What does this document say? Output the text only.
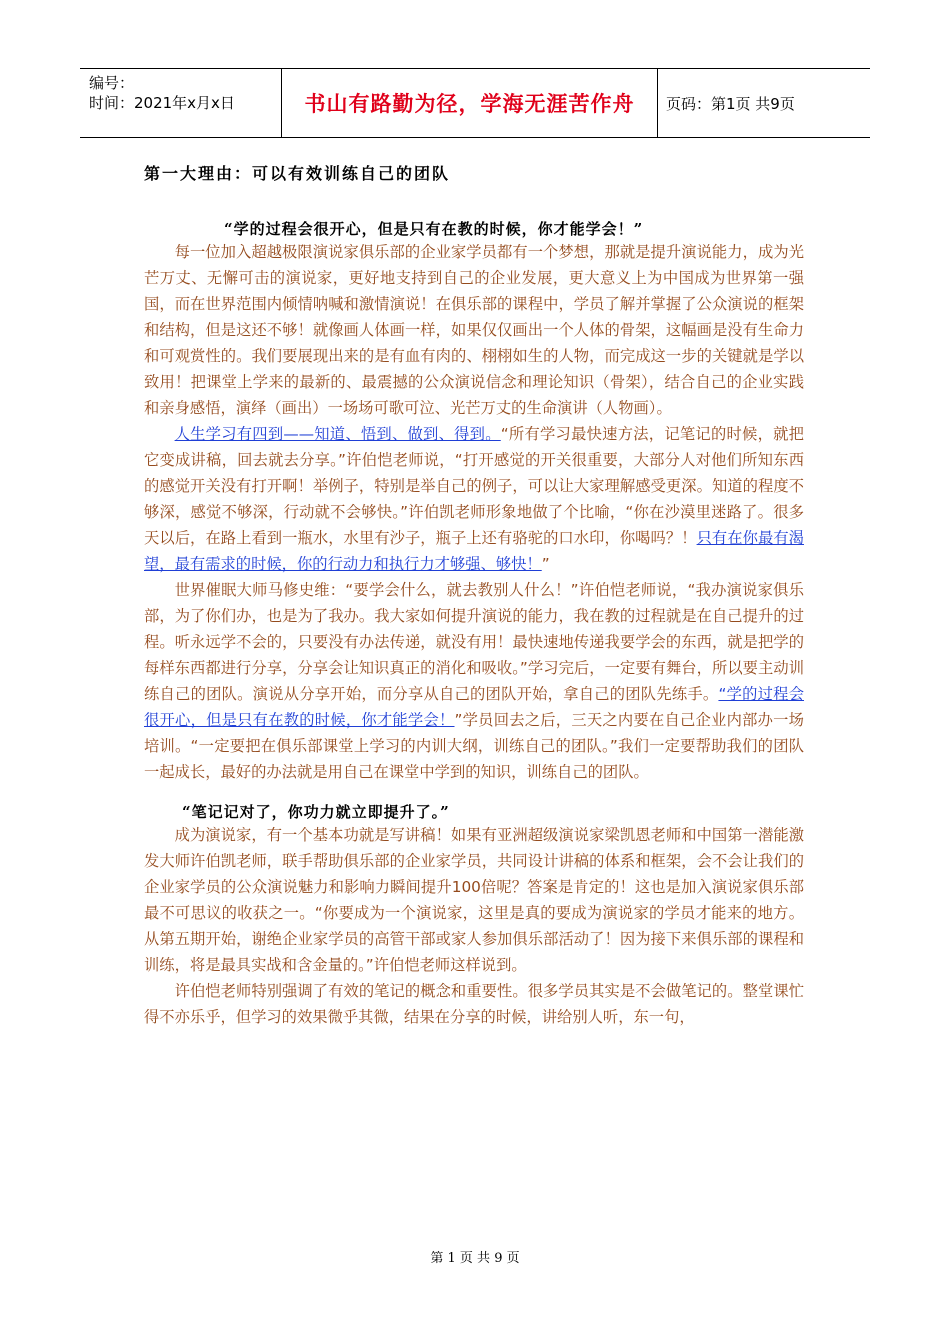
编号：
时间：2021年x月x日	书山有路勤为径，学海无涯苦作舟	页码：第1页 共9页
第一大理由：可以有效训练自己的团队
“学的过程会很开心，但是只有在教的时候，你才能学会！”

每一位加入超越极限演说家俱乐部的企业家学员都有一个梦想，那就是提升演说能力，成为光芒万丈、无懈可击的演说家，更好地支持到自己的企业发展，更大意义上为中国成为世界第一强国，而在世界范围内倾情呐喊和激情演说！在俱乐部的课程中，学员了解并掌握了公众演说的框架和结构，但是这还不够！就像画人体画一样，如果仅仅画出一个人体的骨架，这幅画是没有生命力和可观赏性的。我们要展现出来的是有血有肉的、栩栩如生的人物，而完成这一步的关键就是学以致用！把课堂上学来的最新的、最震撼的公众演说信念和理论知识（骨架），结合自己的企业实践和亲身感悟，演绎（画出）一场场可歌可泣、光芒万丈的生命演讲（人物画）。

人生学习有四到——知道、悟到、做到、得到。“所有学习最快速方法，记笔记的时候，就把它变成讲稿，回去就去分享。”许伯恺老师说，“打开感觉的开关很重要，大部分人对他们所知东西的感觉开关没有打开啊！举例子，特别是举自己的例子，可以让大家理解感受更深。知道的程度不够深，感觉不够深，行动就不会够快。”许伯凯老师形象地做了个比喻，“你在沙漠里迷路了。很多天以后，在路上看到一瓶水，水里有沙子，瓶子上还有骆驼的口水印，你喝吗？！只有在你最有渴望，最有需求的时候，你的行动力和执行力才够强、够快！”

世界催眠大师马修史维：“要学会什么，就去教别人什么！”许伯恺老师说，“我办演说家俱乐部，为了你们办，也是为了我办。我大家如何提升演说的能力，我在教的过程就是在自己提升的过程。听永远学不会的，只要没有办法传递，就没有用！最快速地传递我要学会的东西，就是把学的每样东西都进行分享，分享会让知识真正的消化和吸收。”学习完后，一定要有舞台，所以要主动训练自己的团队。演说从分享开始，而分享从自己的团队开始，拿自己的团队先练手。“学的过程会很开心，但是只有在教的时候，你才能学会！”学员回去之后，三天之内要在自己企业内部办一场培训。“一定要把在俱乐部课堂上学习的内训大纲，训练自己的团队。”我们一定要帮助我们的团队一起成长，最好的办法就是用自己在课堂中学到的知识，训练自己的团队。

“笔记记对了，你功力就立即提升了。”

成为演说家，有一个基本功就是写讲稿！如果有亚洲超级演说家梁凯恩老师和中国第一潜能激发大师许伯凯老师，联手帮助俱乐部的企业家学员，共同设计讲稿的体系和框架，会不会让我们的企业家学员的公众演说魅力和影响力瞬间提升100倍呢？答案是肯定的！这也是加入演说家俱乐部最不可思议的收获之一。“你要成为一个演说家，这里是真的要成为演说家的学员才能来的地方。从第五期开始，谢绝企业家学员的高管干部或家人参加俱乐部活动了！因为接下来俱乐部的课程和训练，将是最具实战和含金量的。”许伯恺老师这样说到。

许伯恺老师特别强调了有效的笔记的概念和重要性。很多学员其实是不会做笔记的。整堂课忙得不亦乐乎，但学习的效果微乎其微，结果在分享的时候，讲给别人听，东一句，

第 1 页 共 9 页
